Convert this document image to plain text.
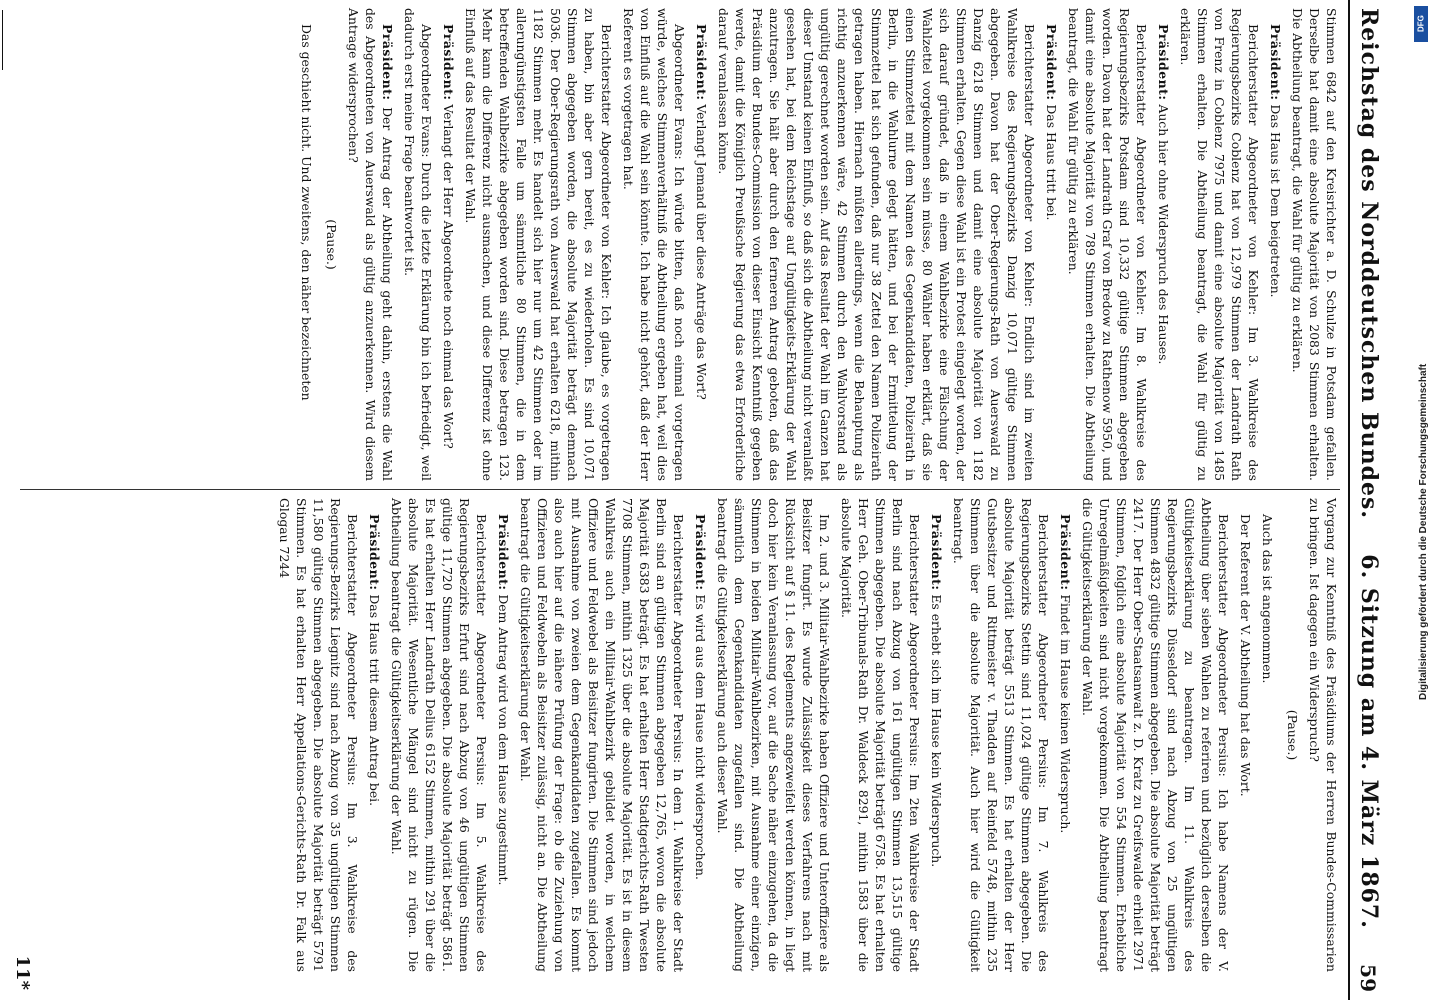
Reichstag des Norddeutschen Bundes.
6. Sitzung am 4. März 1867.
59

Stimmen 6842 auf den Kreisrichter a. D. Schulze in Potsdam gefallen. Derselbe hat damit eine absolute Majorität von 2083 Stimmen erhalten. Die Abtheilung beantragt, die Wahl für gültig zu erklären.

Präsident: Das Haus ist Dem beigetreten.

Berichterstatter Abgeordneter von Kehler: Im 3. Wahlkreise des Regierungsbezirks Coblenz hat von 12,979 Stimmen der Landrath Rath von Frenz in Coblenz 7975 und damit eine absolute Majorität von 1485 Stimmen erhalten. Die Abtheilung beantragt, die Wahl für gültig zu erklären.

Präsident: Auch hier ohne Widerspruch des Hauses.

Berichterstatter Abgeordneter von Kehler: Im 8. Wahlkreise des Regierungsbezirks Potsdam sind 10,332 gültige Stimmen abgegeben worden. Davon hat der Landrath Graf von Bredow zu Rathenow 5950, und damit eine absolute Majorität von 789 Stimmen erhalten. Die Abtheilung beantragt, die Wahl für gültig zu erklären.

Präsident: Das Haus tritt bei.

Berichterstatter Abgeordneter von Kehler: Endlich sind im zweiten Wahlkreise des Regierungsbezirks Danzig 10,071 gültige Stimmen abgegeben. Davon hat der Ober-Regierungs-Rath von Auerswald zu Danzig 6218 Stimmen und damit eine absolute Majorität von 1182 Stimmen erhalten. Gegen diese Wahl ist ein Protest eingelegt worden, der sich darauf gründet, daß in einem Wahlbezirke eine Fälschung der Wahlzettel vorgekommen sein müsse, 80 Wähler haben erklärt, daß sie einen Stimmzettel mit dem Namen des Gegenkandidaten, Polizeirath in Berlin, in die Wahlurne gelegt hätten, und bei der Ermittelung der Stimmzettel hat sich gefunden, daß nur 38 Zettel den Namen Polizeirath getragen haben. Hiernach müßten allerdings, wenn die Behauptung als richtig anzuerkennen wäre, 42 Stimmen durch den Wahlvorstand als ungültig gerechnet worden sein. Auf das Resultat der Wahl im Ganzen hat dieser Umstand keinen Einfluß, so daß sich die Abtheilung nicht veranlaßt gesehen hat, bei dem Reichstage auf Ungültigkeits-Erklärung der Wahl anzutragen. Sie hält aber durch den ferneren Antrag geboten, daß das Präsidium der Bundes-Commission von dieser Einsicht Kenntniß gegeben werde, damit die Königlich Preußische Regierung das etwa Erforderliche darauf veranlassen könne.

Präsident: Verlangt Jemand über diese Anträge das Wort?

Abgeordneter Evans: Ich würde bitten, daß noch einmal vorgetragen würde, welches Stimmenverhältniß die Abtheilung ergeben hat, weil dies von Einfluß auf die Wahl sein könnte. Ich habe nicht gehört, daß der Herr Referent es vorgetragen hat.

Berichterstatter Abgeordneter von Kehler: Ich glaube, es vorgetragen zu haben, bin aber gern bereit, es zu wiederholen. Es sind 10,071 Stimmen abgegeben worden, die absolute Majorität beträgt demnach 5036. Der Ober-Regierungsrath von Auerswald hat erhalten 6218, mithin 1182 Stimmen mehr. Es handelt sich hier nur um 42 Stimmen oder im allerungünstigsten Falle um sämmtliche 80 Stimmen, die in dem betreffenden Wahlbezirke abgegeben worden sind. Diese betragen 123. Mehr kann die Differenz nicht ausmachen, und diese Differenz ist ohne Einfluß auf das Resultat der Wahl.

Präsident: Verlangt der Herr Abgeordnete noch einmal das Wort?

Abgeordneter Evans: Durch die letzte Erklärung bin ich befriedigt, weil dadurch erst meine Frage beantwortet ist.

Präsident: Der Antrag der Abtheilung geht dahin, erstens die Wahl des Abgeordneten von Auerswald als gültig anzuerkennen. Wird diesem Antrage widersprochen?

(Pause.)

Das geschieht nicht. Und zweitens, den näher bezeichneten

Vorgang zur Kenntniß des Präsidiums der Herren Bundes-Commissarien zu bringen. Ist dagegen ein Widerspruch?

(Pause.)

Auch das ist angenommen.

Der Referent der V. Abtheilung hat das Wort.

Berichterstatter Abgeordneter Persius: Ich habe Namens der V. Abtheilung über sieben Wahlen zu referiren und bezüglich derselben die Gültigkeitserklärung zu beantragen. Im 11. Wahlkreis des Regierungsbezirks Düsseldorf sind nach Abzug von 25 ungültigen Stimmen 4832 gültige Stimmen abgegeben. Die absolute Majorität beträgt 2417. Der Herr Ober-Staatsanwalt z. D. Kratz zu Greifswalde erhielt 2971 Stimmen, folglich eine absolute Majorität von 554 Stimmen. Erhebliche Unregelmäßigkeiten sind nicht vorgekommen. Die Abtheilung beantragt die Gültigkeitserklärung der Wahl.

Präsident: Findet im Hause keinen Widerspruch.

Berichterstatter Abgeordneter Persius: Im 7. Wahlkreis des Regierungsbezirks Stettin sind 11,024 gültige Stimmen abgegeben. Die absolute Majorität beträgt 5513 Stimmen. Es hat erhalten der Herr Gutsbesitzer und Rittmeister v. Thadden auf Reinfeld 5748, mithin 235 Stimmen über die absolute Majorität. Auch hier wird die Gültigkeit beantragt.

Präsident: Es erhebt sich im Hause kein Widerspruch.

Berichterstatter Abgeordneter Persius: Im 2ten Wahlkreise der Stadt Berlin sind nach Abzug von 161 ungültigen Stimmen 13,515 gültige Stimmen abgegeben. Die absolute Majorität beträgt 6758. Es hat erhalten Herr Geh. Ober-Tribunals-Rath Dr. Waldeck 8291, mithin 1583 über die absolute Majorität.

Im 2. und 3. Militair-Wahlbezirke haben Offiziere und Unteroffiziere als Beisitzer fungirt. Es wurde Zulässigkeit dieses Verfahrens nach mit Rücksicht auf § 11. des Reglements angezweifelt werden können, in liegt doch hier kein Veranlassung vor, auf die Sache näher einzugehen, da die Stimmen in beiden Militair-Wahlbezirken, mit Ausnahme einer einzigen, sämmtlich dem Gegenkandidaten zugefallen sind. Die Abtheilung beantragt die Gültigkeitserklärung auch dieser Wahl.

Präsident: Es wird aus dem Hause nicht widersprochen.

Berichterstatter Abgeordneter Persius: In dem 1. Wahlkreise der Stadt Berlin sind an gültigen Stimmen abgegeben 12,765, wovon die absolute Majorität 6383 beträgt. Es hat erhalten Herr Stadtgerichts-Rath Twesten 7708 Stimmen, mithin 1325 über die absolute Majorität. Es ist in diesem Wahlkreis auch ein Militair-Wahlbezirk gebildet worden, in welchem Offiziere und Feldwebel als Beisitzer fungirten. Die Stimmen sind jedoch mit Ausnahme von zweien dem Gegenkandidaten zugefallen. Es kommt also auch hier auf die nähere Prüfung der Frage: ob die Zuziehung von Offizieren und Feldwebeln als Beisitzer zulässig, nicht an. Die Abtheilung beantragt die Gültigkeitserklärung der Wahl.

Präsident: Dem Antrag wird von dem Hause zugestimmt.

Berichterstatter Abgeordneter Persius: Im 5. Wahlkreise des Regierungsbezirks Erfurt sind nach Abzug von 46 ungültigen Stimmen gültige 11,720 Stimmen abgegeben. Die absolute Majorität beträgt 5861. Es hat erhalten Herr Landrath Delius 6152 Stimmen, mithin 291 über die absolute Majorität. Wesentliche Mängel sind nicht zu rügen. Die Abtheilung beantragt die Gültigkeitserklärung der Wahl.

Präsident: Das Haus tritt diesem Antrag bei.

Berichterstatter Abgeordneter Persius: Im 3. Wahlkreise des Regierungs-Bezirks Liegnitz sind nach Abzug von 35 ungültigen Stimmen 11,580 gültige Stimmen abgegeben. Die absolute Majorität beträgt 5791 Stimmen. Es hat erhalten Herr Appellations-Gerichts-Rath Dr. Falk aus Glogau 7244

11*
DFG
Digitalisierung gefördert durch die Deutsche Forschungsgemeinschaft
